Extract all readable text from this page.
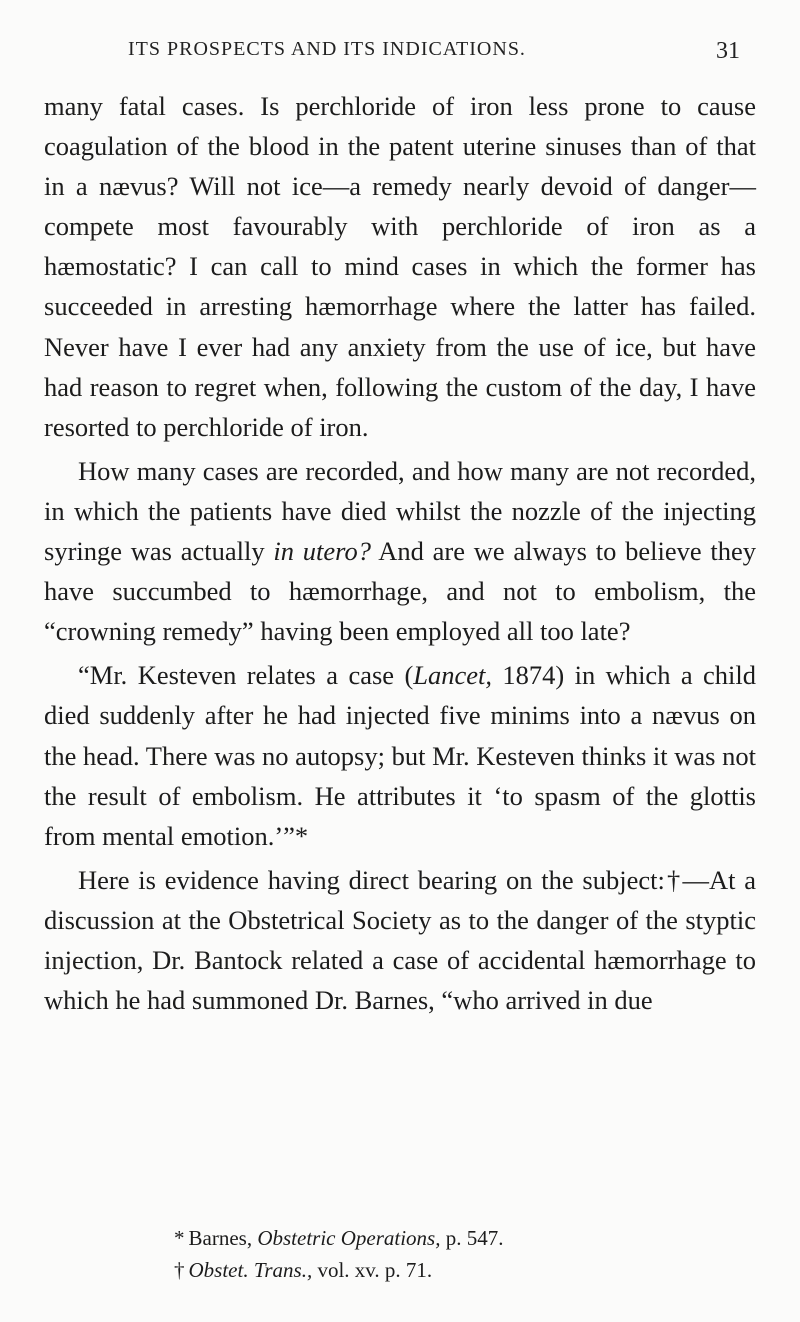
ITS PROSPECTS AND ITS INDICATIONS.	31

many fatal cases. Is perchloride of iron less prone to cause coagulation of the blood in the patent uterine sinuses than of that in a nævus? Will not ice—a remedy nearly devoid of danger—compete most favourably with perchloride of iron as a hæmostatic? I can call to mind cases in which the former has succeeded in arresting hæmorrhage where the latter has failed. Never have I ever had any anxiety from the use of ice, but have had reason to regret when, following the custom of the day, I have resorted to perchloride of iron.

How many cases are recorded, and how many are not recorded, in which the patients have died whilst the nozzle of the injecting syringe was actually in utero? And are we always to believe they have succumbed to hæmorrhage, and not to embolism, the “crowning remedy” having been employed all too late?

“Mr. Kesteven relates a case (Lancet, 1874) in which a child died suddenly after he had injected five minims into a nævus on the head. There was no autopsy; but Mr. Kesteven thinks it was not the result of embolism. He attributes it ‘to spasm of the glottis from mental emotion.’”*

Here is evidence having direct bearing on the subject:†—At a discussion at the Obstetrical Society as to the danger of the styptic injection, Dr. Bantock related a case of accidental hæmorrhage to which he had summoned Dr. Barnes, “who arrived in due

* Barnes, Obstetric Operations, p. 547.
† Obstet. Trans., vol. xv. p. 71.
